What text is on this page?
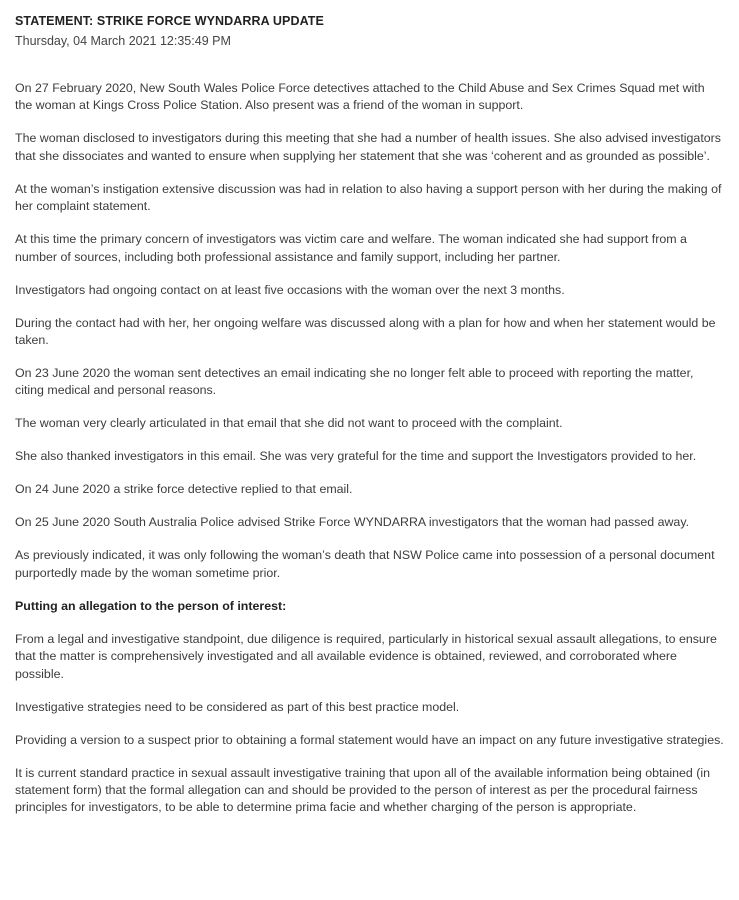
STATEMENT: STRIKE FORCE WYNDARRA UPDATE
Thursday, 04 March 2021 12:35:49 PM

On 27 February 2020, New South Wales Police Force detectives attached to the Child Abuse and Sex Crimes Squad met with the woman at Kings Cross Police Station. Also present was a friend of the woman in support.

The woman disclosed to investigators during this meeting that she had a number of health issues. She also advised investigators that she dissociates and wanted to ensure when supplying her statement that she was ‘coherent and as grounded as possible’.

At the woman’s instigation extensive discussion was had in relation to also having a support person with her during the making of her complaint statement.

At this time the primary concern of investigators was victim care and welfare. The woman indicated she had support from a number of sources, including both professional assistance and family support, including her partner.

Investigators had ongoing contact on at least five occasions with the woman over the next 3 months.

During the contact had with her, her ongoing welfare was discussed along with a plan for how and when her statement would be taken.

On 23 June 2020 the woman sent detectives an email indicating she no longer felt able to proceed with reporting the matter, citing medical and personal reasons.

The woman very clearly articulated in that email that she did not want to proceed with the complaint.

She also thanked investigators in this email. She was very grateful for the time and support the Investigators provided to her.

On 24 June 2020 a strike force detective replied to that email.

On 25 June 2020 South Australia Police advised Strike Force WYNDARRA investigators that the woman had passed away.

As previously indicated, it was only following the woman’s death that NSW Police came into possession of a personal document purportedly made by the woman sometime prior.

Putting an allegation to the person of interest:

From a legal and investigative standpoint, due diligence is required, particularly in historical sexual assault allegations, to ensure that the matter is comprehensively investigated and all available evidence is obtained, reviewed, and corroborated where possible.

Investigative strategies need to be considered as part of this best practice model.

Providing a version to a suspect prior to obtaining a formal statement would have an impact on any future investigative strategies.

It is current standard practice in sexual assault investigative training that upon all of the available information being obtained (in statement form) that the formal allegation can and should be provided to the person of interest as per the procedural fairness principles for investigators, to be able to determine prima facie and whether charging of the person is appropriate.
